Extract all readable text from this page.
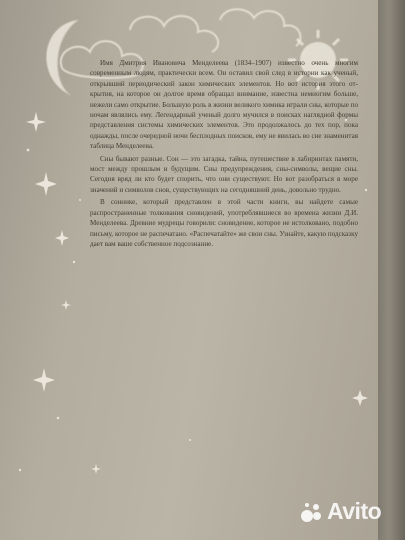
Имя Дмитрия Ивановича Менделеева (1834–1907) известно очень многим современным людям, практически всем. Он оставил свой след в истории как ученый, открывший периодический закон химических элементов. Но вот история этого открытия, на которое он долгое время обращал внимание, известна немногим больше, нежели само открытие. Большую роль в жизни великого химика играли сны, которые по ночам являлись ему. Легендарный ученый долго мучился в поисках наглядной формы представления системы химических элементов. Это продолжалось до тех пор, пока однажды, после очередной ночи бесплодных поисков, ему не явилась во сне знаменитая таблица Менделеева.

Сны бывают разные. Сон — это загадка, тайна, путешествие в лабиринтах памяти, мост между прошлым и будущим. Сны предупреждения, сны-символы, вещие сны. Сегодня вряд ли кто будет спорить, что они существуют. Но вот разобраться в море значений и символов снов, существующих на сегодняшний день, довольно трудно.

В соннике, который представлен в этой части книги, вы найдете самые распространенные толкования сновидений, употреблявшиеся во времена жизни Д.И. Менделеева. Древние мудрецы говорили: сновидение, которое не истолковано, подобно письму, которое не распечатано. «Распечатайте» же свои сны. Узнайте, какую подсказку дает вам ваше собственное подсознание.

Avito
